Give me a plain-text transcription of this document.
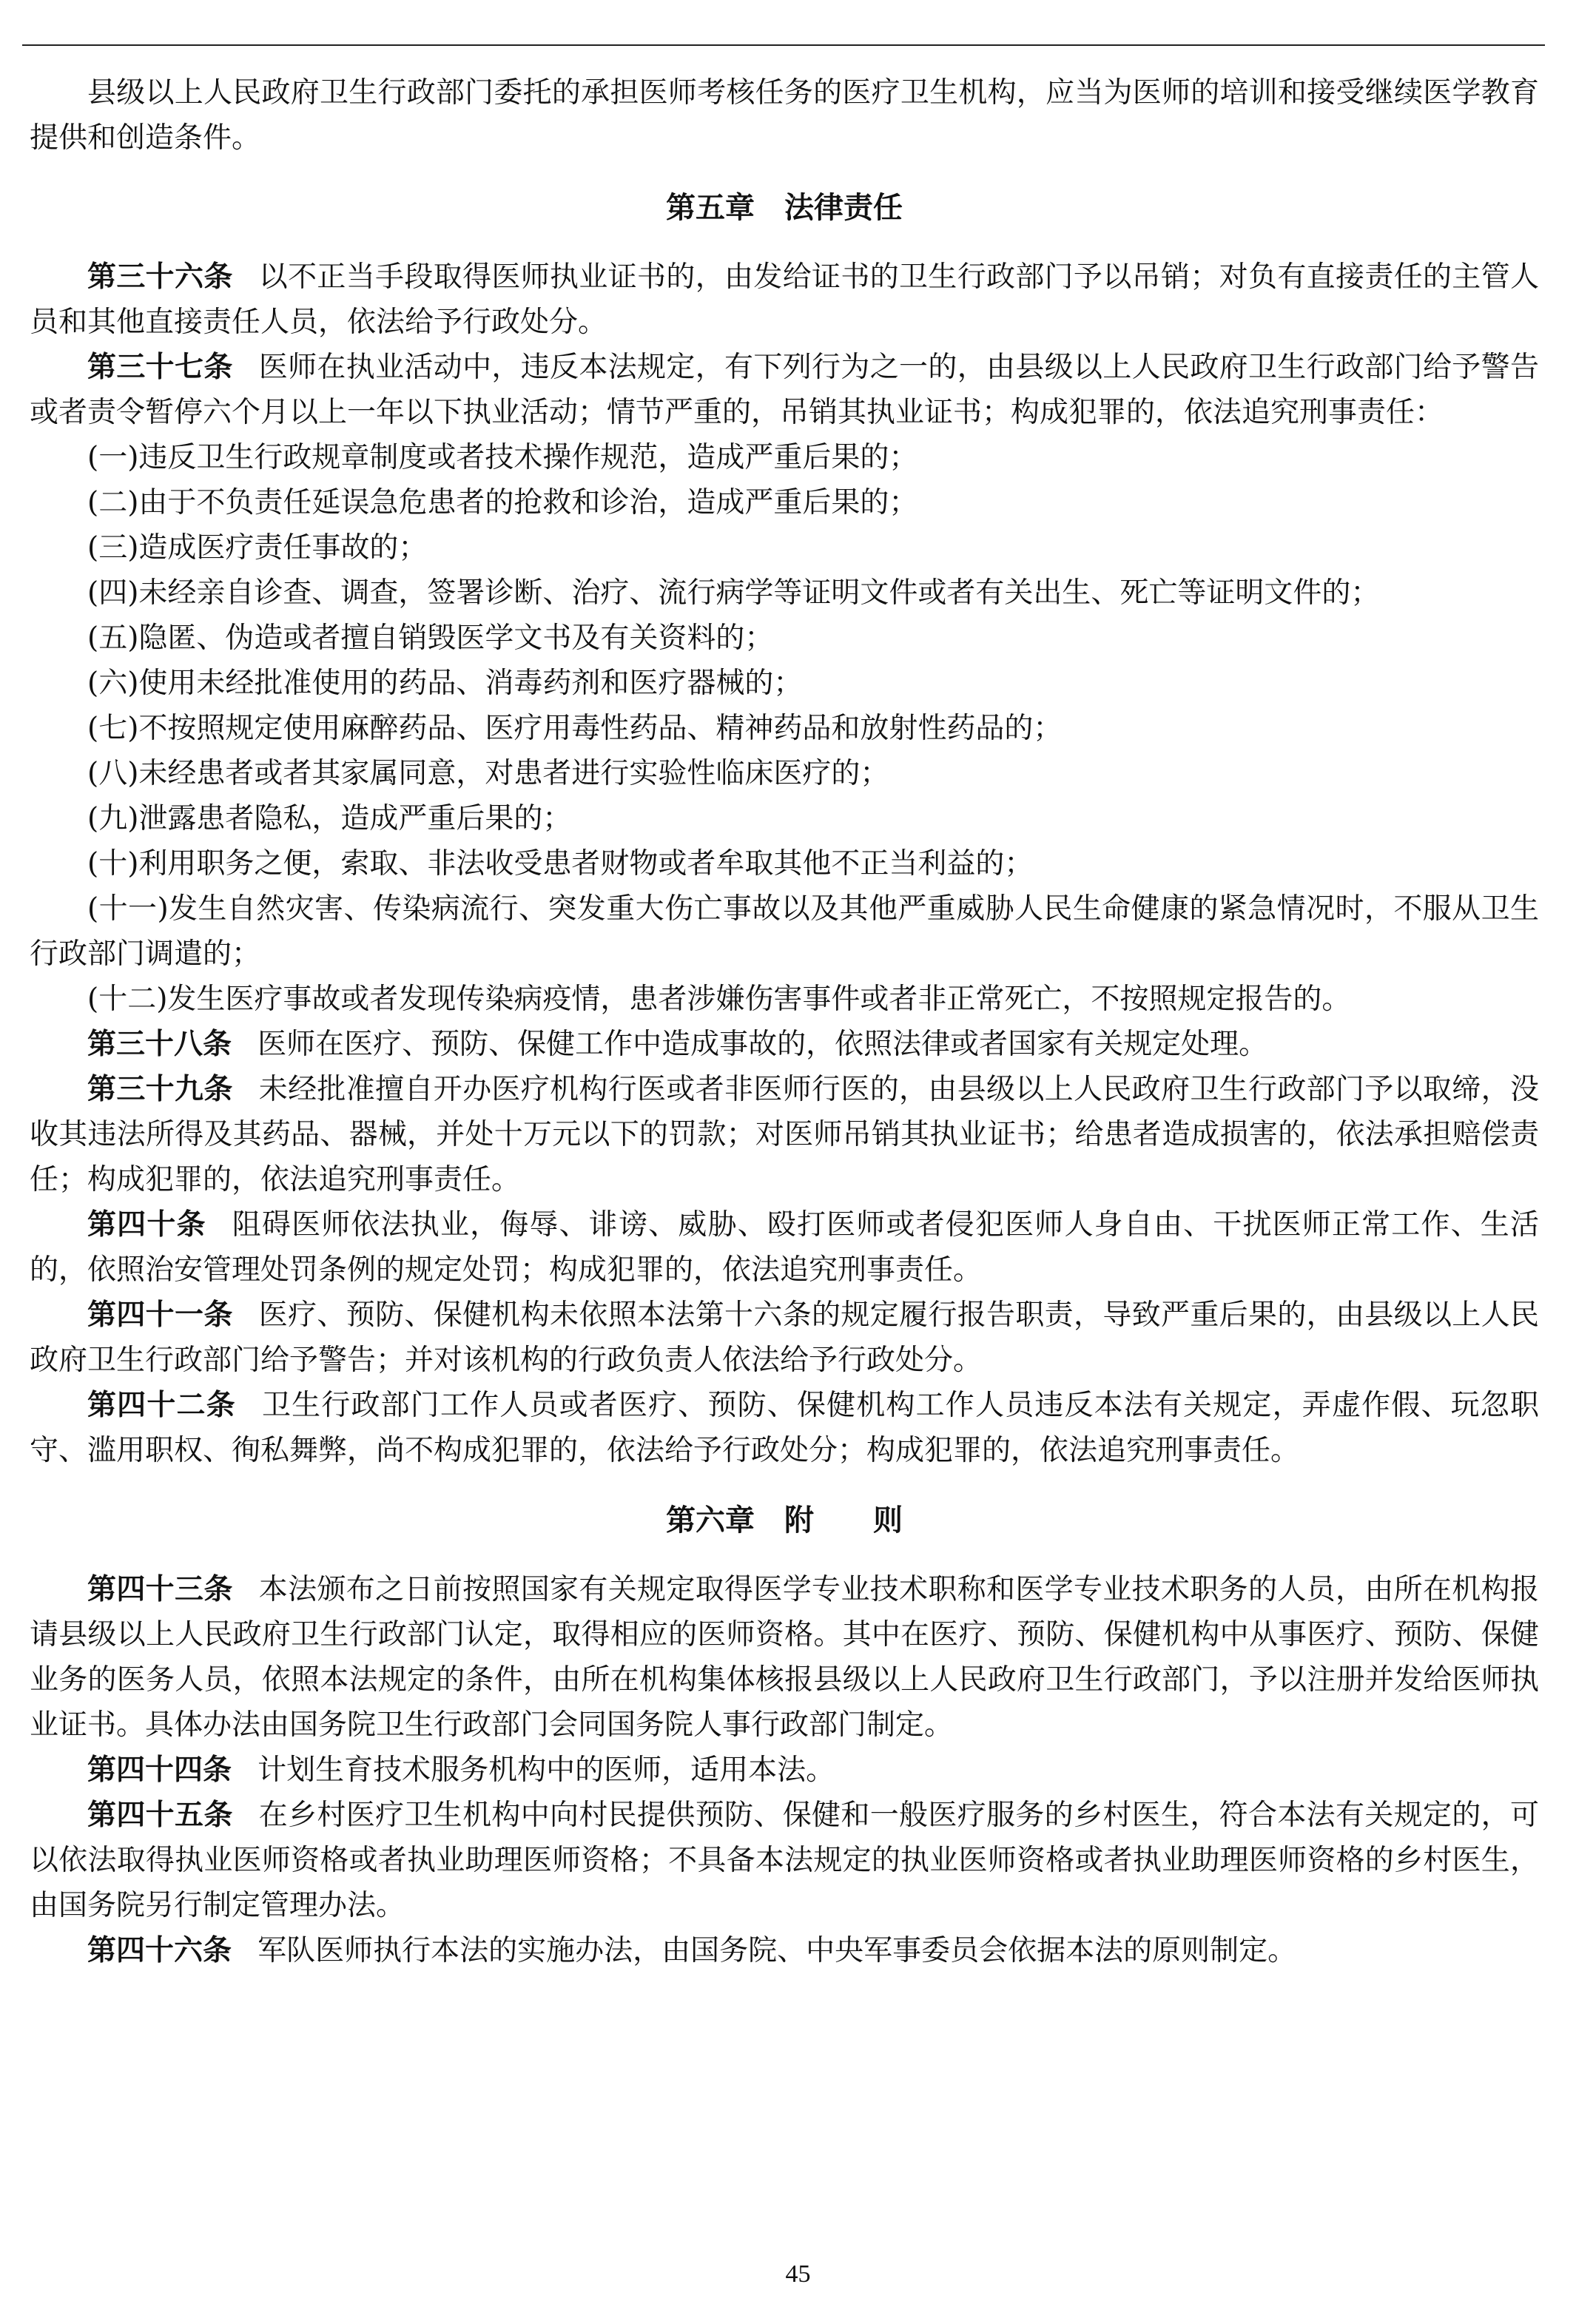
县级以上人民政府卫生行政部门委托的承担医师考核任务的医疗卫生机构，应当为医师的培训和接受继续医学教育提供和创造条件。

第五章 法律责任

第三十六条 以不正当手段取得医师执业证书的，由发给证书的卫生行政部门予以吊销；对负有直接责任的主管人员和其他直接责任人员，依法给予行政处分。

第三十七条 医师在执业活动中，违反本法规定，有下列行为之一的，由县级以上人民政府卫生行政部门给予警告或者责令暂停六个月以上一年以下执业活动；情节严重的，吊销其执业证书；构成犯罪的，依法追究刑事责任：

(一)违反卫生行政规章制度或者技术操作规范，造成严重后果的；

(二)由于不负责任延误急危患者的抢救和诊治，造成严重后果的；

(三)造成医疗责任事故的；

(四)未经亲自诊查、调查，签署诊断、治疗、流行病学等证明文件或者有关出生、死亡等证明文件的；

(五)隐匿、伪造或者擅自销毁医学文书及有关资料的；

(六)使用未经批准使用的药品、消毒药剂和医疗器械的；

(七)不按照规定使用麻醉药品、医疗用毒性药品、精神药品和放射性药品的；

(八)未经患者或者其家属同意，对患者进行实验性临床医疗的；

(九)泄露患者隐私，造成严重后果的；

(十)利用职务之便，索取、非法收受患者财物或者牟取其他不正当利益的；

(十一)发生自然灾害、传染病流行、突发重大伤亡事故以及其他严重威胁人民生命健康的紧急情况时，不服从卫生行政部门调遣的；

(十二)发生医疗事故或者发现传染病疫情，患者涉嫌伤害事件或者非正常死亡，不按照规定报告的。

第三十八条 医师在医疗、预防、保健工作中造成事故的，依照法律或者国家有关规定处理。

第三十九条 未经批准擅自开办医疗机构行医或者非医师行医的，由县级以上人民政府卫生行政部门予以取缔，没收其违法所得及其药品、器械，并处十万元以下的罚款；对医师吊销其执业证书；给患者造成损害的，依法承担赔偿责任；构成犯罪的，依法追究刑事责任。

第四十条 阻碍医师依法执业，侮辱、诽谤、威胁、殴打医师或者侵犯医师人身自由、干扰医师正常工作、生活的，依照治安管理处罚条例的规定处罚；构成犯罪的，依法追究刑事责任。

第四十一条 医疗、预防、保健机构未依照本法第十六条的规定履行报告职责，导致严重后果的，由县级以上人民政府卫生行政部门给予警告；并对该机构的行政负责人依法给予行政处分。

第四十二条 卫生行政部门工作人员或者医疗、预防、保健机构工作人员违反本法有关规定，弄虚作假、玩忽职守、滥用职权、徇私舞弊，尚不构成犯罪的，依法给予行政处分；构成犯罪的，依法追究刑事责任。

第六章 附 则

第四十三条 本法颁布之日前按照国家有关规定取得医学专业技术职称和医学专业技术职务的人员，由所在机构报请县级以上人民政府卫生行政部门认定，取得相应的医师资格。其中在医疗、预防、保健机构中从事医疗、预防、保健业务的医务人员，依照本法规定的条件，由所在机构集体核报县级以上人民政府卫生行政部门，予以注册并发给医师执业证书。具体办法由国务院卫生行政部门会同国务院人事行政部门制定。

第四十四条 计划生育技术服务机构中的医师，适用本法。

第四十五条 在乡村医疗卫生机构中向村民提供预防、保健和一般医疗服务的乡村医生，符合本法有关规定的，可以依法取得执业医师资格或者执业助理医师资格；不具备本法规定的执业医师资格或者执业助理医师资格的乡村医生，由国务院另行制定管理办法。

第四十六条 军队医师执行本法的实施办法，由国务院、中央军事委员会依据本法的原则制定。

45
